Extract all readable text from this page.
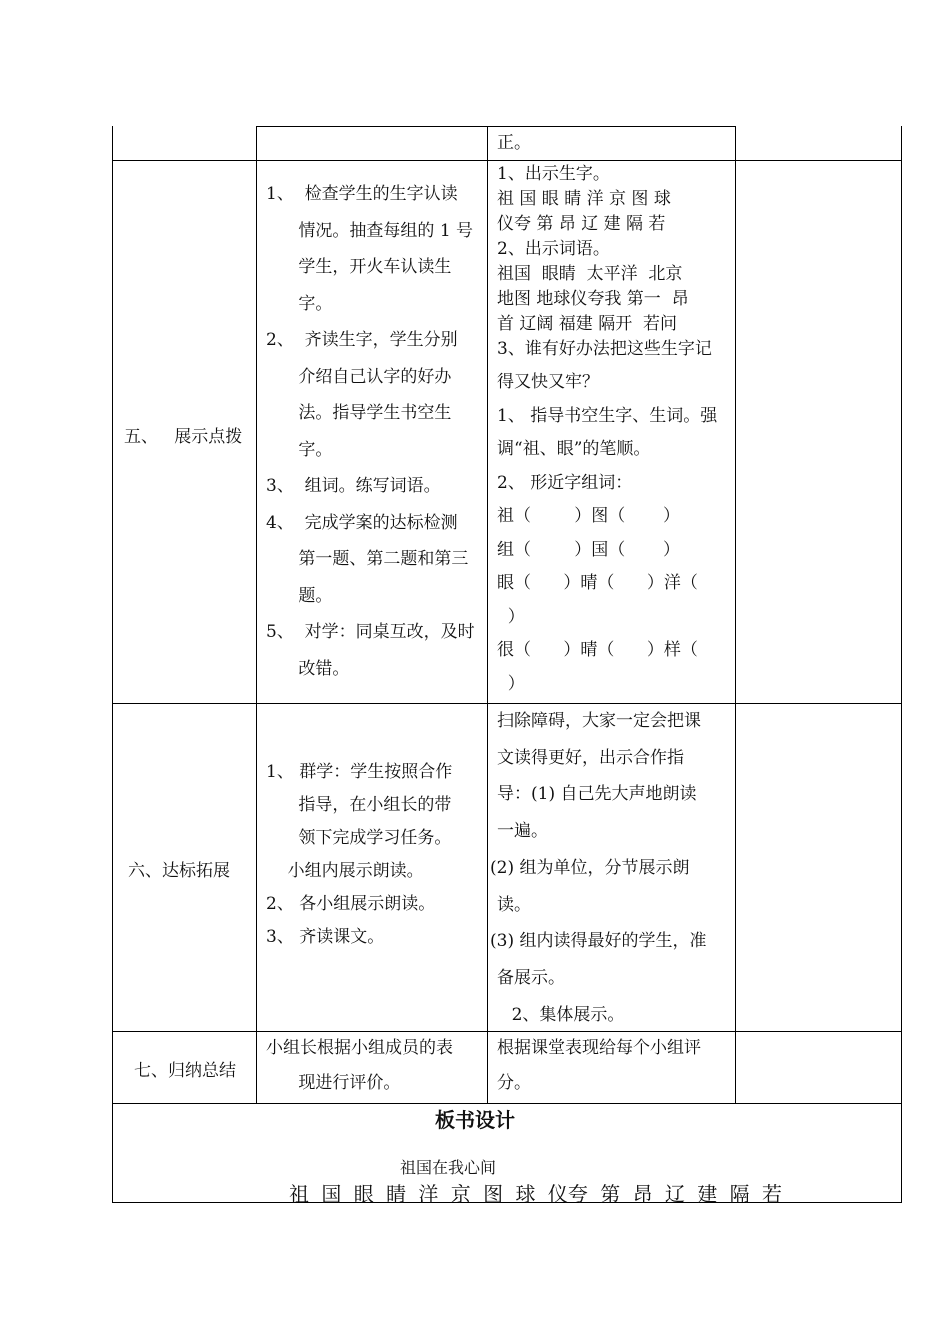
正。
五、   展示点拨
1、  检查学生的生字认读
情况。抽查每组的 1 号
学生，开火车认读生
字。
2、  齐读生字，学生分别
介绍自己认字的好办
法。指导学生书空生
字。
3、  组词。练写词语。
4、  完成学案的达标检测
第一题、第二题和第三
题。
5、  对学：同桌互改，及时
改错。
1、出示生字。
祖 国 眼 睛 洋 京 图 球
仪夸 第 昂 辽 建 隔 若
2、出示词语。
祖国  眼睛  太平洋  北京
地图 地球仪夸我 第一  昂
首 辽阔 福建 隔开  若问
3、谁有好办法把这些生字记
得又快又牢？
1、 指导书空生字、生词。强
调“祖、眼”的笔顺。
2、 形近字组词：
祖（        ）图（       ）
组（        ）国（       ）
眼（      ）晴（      ）洋（
）
很（      ）晴（      ）样（
）
六、达标拓展
1、 群学：学生按照合作
指导，在小组长的带
领下完成学习任务。
小组内展示朗读。
2、 各小组展示朗读。
3、 齐读课文。
扫除障碍，大家一定会把课
文读得更好，出示合作指
导：(1) 自己先大声地朗读
一遍。
(2) 组为单位，分节展示朗
读。
(3) 组内读得最好的学生，准
备展示。
2、集体展示。
七、归纳总结
小组长根据小组成员的表
现进行评价。
根据课堂表现给每个小组评
分。
板书设计
祖国在我心间
祖 国 眼 睛 洋 京 图 球 仪夸 第 昂 辽 建 隔 若
